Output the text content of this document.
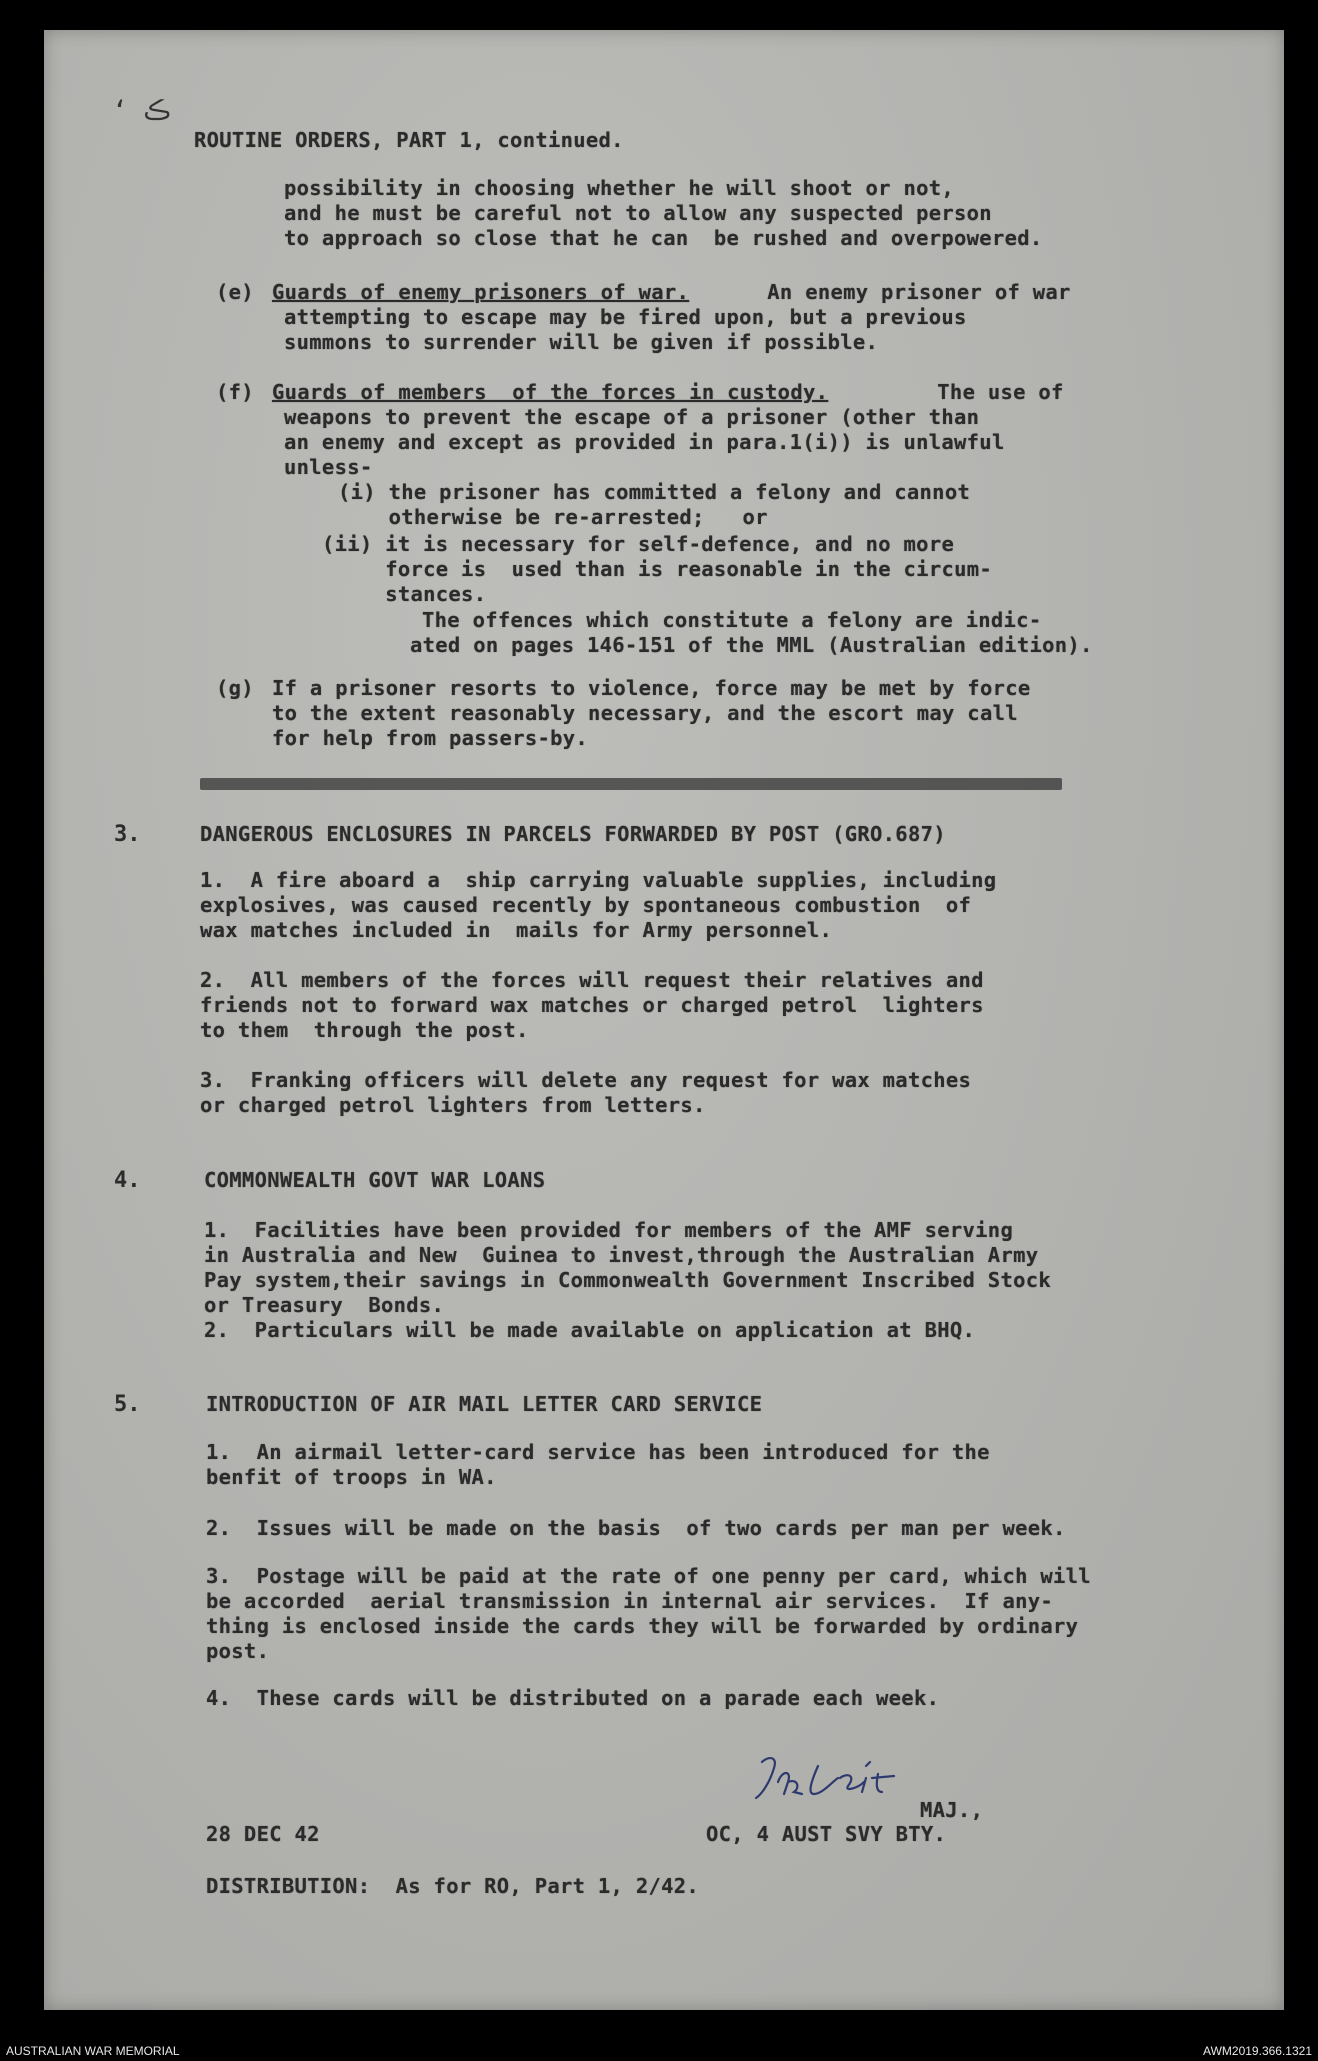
ʻ ڪ
ROUTINE ORDERS, PART 1, continued.
possibility in choosing whether he will shoot or not,
and he must be careful not to allow any suspected person
to approach so close that he can  be rushed and overpowered.
(e) Guards of enemy prisoners of war.	An enemy prisoner of war
attempting to escape may be fired upon, but a previous
summons to surrender will be given if possible.
(f) Guards of members  of the forces in custody.	The use of
weapons to prevent the escape of a prisoner (other than
an enemy and except as provided in para.1(i)) is unlawful
unless-
(i) the prisoner has committed a felony and cannot
otherwise be re-arrested;   or
(ii) it is necessary for self-defence, and no more
force is  used than is reasonable in the circum-
stances.
The offences which constitute a felony are indic-
ated on pages 146-151 of the MML (Australian edition).
(g) If a prisoner resorts to violence, force may be met by force
to the extent reasonably necessary, and the escort may call
for help from passers-by.
3.	DANGEROUS ENCLOSURES IN PARCELS FORWARDED BY POST (GRO.687)
1.  A fire aboard a  ship carrying valuable supplies, including
explosives, was caused recently by spontaneous combustion  of
wax matches included in  mails for Army personnel.
2.  All members of the forces will request their relatives and
friends not to forward wax matches or charged petrol  lighters
to them  through the post.
3.  Franking officers will delete any request for wax matches
or charged petrol lighters from letters.
4.	COMMONWEALTH GOVT WAR LOANS
1.  Facilities have been provided for members of the AMF serving
in Australia and New  Guinea to invest,through the Australian Army
Pay system,their savings in Commonwealth Government Inscribed Stock
or Treasury  Bonds.
2.  Particulars will be made available on application at BHQ.
5.	INTRODUCTION OF AIR MAIL LETTER CARD SERVICE
1.  An airmail letter-card service has been introduced for the
benfit of troops in WA.
2.  Issues will be made on the basis  of two cards per man per week.
3.  Postage will be paid at the rate of one penny per card, which will
be accorded  aerial transmission in internal air services.  If any-
thing is enclosed inside the cards they will be forwarded by ordinary
post.
4.  These cards will be distributed on a parade each week.
MAJ.,
28 DEC 42	OC, 4 AUST SVY BTY.
DISTRIBUTION:  As for RO, Part 1, 2/42.
AUSTRALIAN WAR MEMORIAL	AWM2019.366.1321
